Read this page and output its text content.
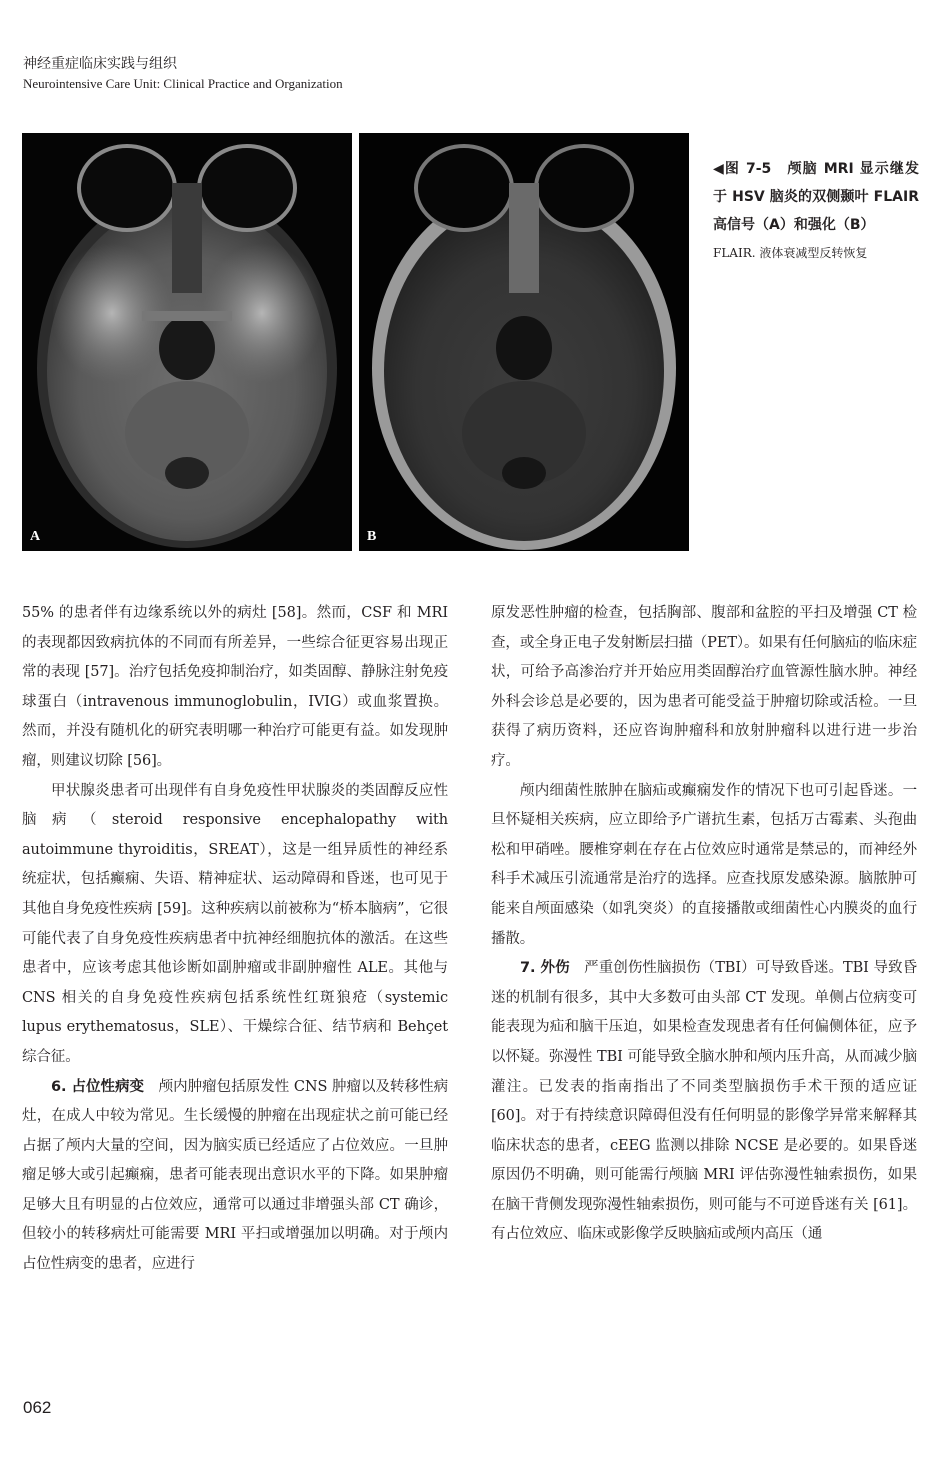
神经重症临床实践与组织
Neurointensive Care Unit: Clinical Practice and Organization
A	B
◀图 7-5　颅脑 MRI 显示继发于 HSV 脑炎的双侧颞叶 FLAIR 高信号（A）和强化（B）
FLAIR. 液体衰减型反转恢复

55% 的患者伴有边缘系统以外的病灶 [58]。然而，CSF 和 MRI 的表现都因致病抗体的不同而有所差异，一些综合征更容易出现正常的表现 [57]。治疗包括免疫抑制治疗，如类固醇、静脉注射免疫球蛋白（intravenous immunoglobulin，IVIG）或血浆置换。然而，并没有随机化的研究表明哪一种治疗可能更有益。如发现肿瘤，则建议切除 [56]。

甲状腺炎患者可出现伴有自身免疫性甲状腺炎的类固醇反应性脑病（steroid responsive encephalopathy with autoimmune thyroiditis，SREAT），这是一组异质性的神经系统症状，包括癫痫、失语、精神症状、运动障碍和昏迷，也可见于其他自身免疫性疾病 [59]。这种疾病以前被称为“桥本脑病”，它很可能代表了自身免疫性疾病患者中抗神经细胞抗体的激活。在这些患者中，应该考虑其他诊断如副肿瘤或非副肿瘤性 ALE。其他与 CNS 相关的自身免疫性疾病包括系统性红斑狼疮（systemic lupus erythematosus，SLE）、干燥综合征、结节病和 Behçet 综合征。

6. 占位性病变　颅内肿瘤包括原发性 CNS 肿瘤以及转移性病灶，在成人中较为常见。生长缓慢的肿瘤在出现症状之前可能已经占据了颅内大量的空间，因为脑实质已经适应了占位效应。一旦肿瘤足够大或引起癫痫，患者可能表现出意识水平的下降。如果肿瘤足够大且有明显的占位效应，通常可以通过非增强头部 CT 确诊，但较小的转移病灶可能需要 MRI 平扫或增强加以明确。对于颅内占位性病变的患者，应进行

原发恶性肿瘤的检查，包括胸部、腹部和盆腔的平扫及增强 CT 检查，或全身正电子发射断层扫描（PET）。如果有任何脑疝的临床症状，可给予高渗治疗并开始应用类固醇治疗血管源性脑水肿。神经外科会诊总是必要的，因为患者可能受益于肿瘤切除或活检。一旦获得了病历资料，还应咨询肿瘤科和放射肿瘤科以进行进一步治疗。

颅内细菌性脓肿在脑疝或癫痫发作的情况下也可引起昏迷。一旦怀疑相关疾病，应立即给予广谱抗生素，包括万古霉素、头孢曲松和甲硝唑。腰椎穿刺在存在占位效应时通常是禁忌的，而神经外科手术减压引流通常是治疗的选择。应查找原发感染源。脑脓肿可能来自颅面感染（如乳突炎）的直接播散或细菌性心内膜炎的血行播散。

7. 外伤　严重创伤性脑损伤（TBI）可导致昏迷。TBI 导致昏迷的机制有很多，其中大多数可由头部 CT 发现。单侧占位病变可能表现为疝和脑干压迫，如果检查发现患者有任何偏侧体征，应予以怀疑。弥漫性 TBI 可能导致全脑水肿和颅内压升高，从而减少脑灌注。已发表的指南指出了不同类型脑损伤手术干预的适应证 [60]。对于有持续意识障碍但没有任何明显的影像学异常来解释其临床状态的患者，cEEG 监测以排除 NCSE 是必要的。如果昏迷原因仍不明确，则可能需行颅脑 MRI 评估弥漫性轴索损伤，如果在脑干背侧发现弥漫性轴索损伤，则可能与不可逆昏迷有关 [61]。有占位效应、临床或影像学反映脑疝或颅内高压（通

062
